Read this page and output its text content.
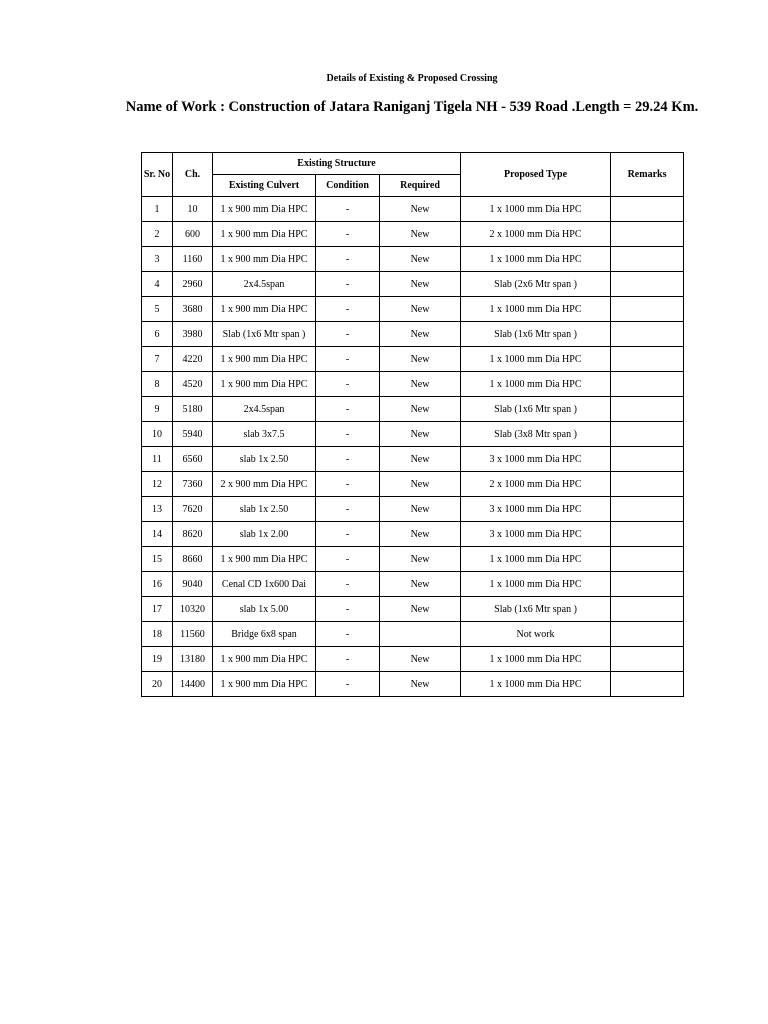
Details of Existing & Proposed Crossing
Name of Work : Construction of Jatara Raniganj Tigela NH - 539 Road .Length = 29.24 Km.
Sr. No	Ch.	Existing Structure			Proposed Type	Remarks
		Existing Culvert	Condition	Required		
1	10	1 x 900 mm Dia HPC	-	New	1 x 1000 mm Dia HPC	
2	600	1 x 900 mm Dia HPC	-	New	2 x 1000 mm Dia HPC	
3	1160	1 x 900 mm Dia HPC	-	New	1 x 1000 mm Dia HPC	
4	2960	2x4.5span	-	New	Slab (2x6 Mtr span )	
5	3680	1 x 900 mm Dia HPC	-	New	1 x 1000 mm Dia HPC	
6	3980	Slab (1x6 Mtr span )	-	New	Slab (1x6 Mtr span )	
7	4220	1 x 900 mm Dia HPC	-	New	1 x 1000 mm Dia HPC	
8	4520	1 x 900 mm Dia HPC	-	New	1 x 1000 mm Dia HPC	
9	5180	2x4.5span	-	New	Slab (1x6 Mtr span )	
10	5940	slab 3x7.5	-	New	Slab (3x8 Mtr span )	
11	6560	slab 1x 2.50	-	New	3 x 1000 mm Dia HPC	
12	7360	2 x 900 mm Dia HPC	-	New	2 x 1000 mm Dia HPC	
13	7620	slab 1x 2.50	-	New	3 x 1000 mm Dia HPC	
14	8620	slab 1x 2.00	-	New	3 x 1000 mm Dia HPC	
15	8660	1 x 900 mm Dia HPC	-	New	1 x 1000 mm Dia HPC	
16	9040	Cenal CD 1x600 Dai	-	New	1 x 1000 mm Dia HPC	
17	10320	slab 1x 5.00	-	New	Slab (1x6 Mtr span )	
18	11560	Bridge 6x8 span	-		Not work	
19	13180	1 x 900 mm Dia HPC	-	New	1 x 1000 mm Dia HPC	
20	14400	1 x 900 mm Dia HPC	-	New	1 x 1000 mm Dia HPC	
